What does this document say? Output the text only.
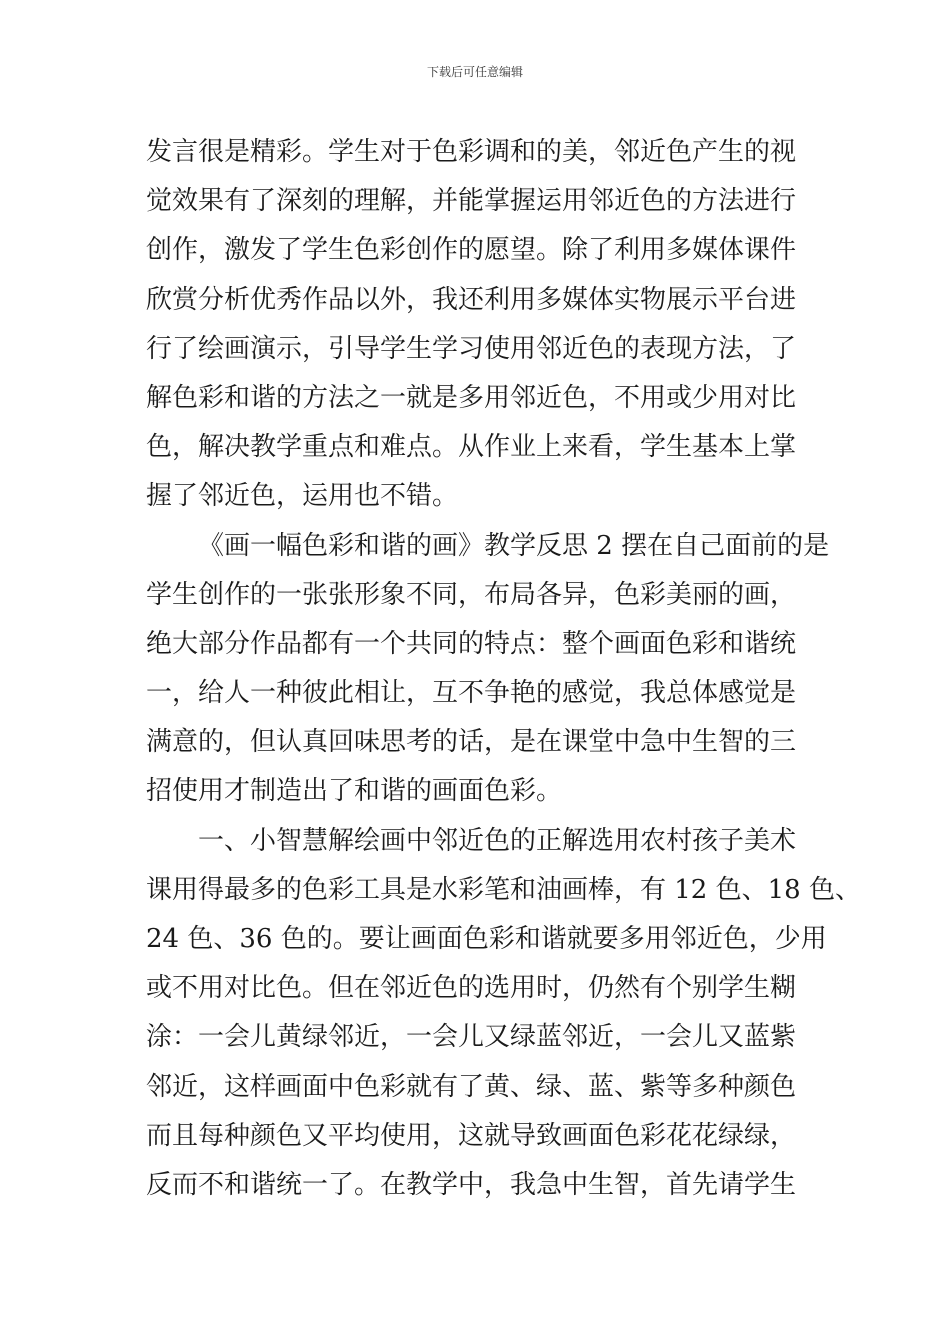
下载后可任意编辑
发言很是精彩。学生对于色彩调和的美，邻近色产生的视
觉效果有了深刻的理解，并能掌握运用邻近色的方法进行
创作，激发了学生色彩创作的愿望。除了利用多媒体课件
欣赏分析优秀作品以外，我还利用多媒体实物展示平台进
行了绘画演示，引导学生学习使用邻近色的表现方法，了
解色彩和谐的方法之一就是多用邻近色，不用或少用对比
色，解决教学重点和难点。从作业上来看，学生基本上掌
握了邻近色，运用也不错。
《画一幅色彩和谐的画》教学反思 2 摆在自己面前的是
学生创作的一张张形象不同，布局各异，色彩美丽的画，
绝大部分作品都有一个共同的特点：整个画面色彩和谐统
一，给人一种彼此相让，互不争艳的感觉，我总体感觉是
满意的，但认真回味思考的话，是在课堂中急中生智的三
招使用才制造出了和谐的画面色彩。
一、小智慧解绘画中邻近色的正解选用农村孩子美术
课用得最多的色彩工具是水彩笔和油画棒，有 12 色、18 色、
24 色、36 色的。要让画面色彩和谐就要多用邻近色，少用
或不用对比色。但在邻近色的选用时，仍然有个别学生糊
涂：一会儿黄绿邻近，一会儿又绿蓝邻近，一会儿又蓝紫
邻近，这样画面中色彩就有了黄、绿、蓝、紫等多种颜色
而且每种颜色又平均使用，这就导致画面色彩花花绿绿，
反而不和谐统一了。在教学中，我急中生智，首先请学生
